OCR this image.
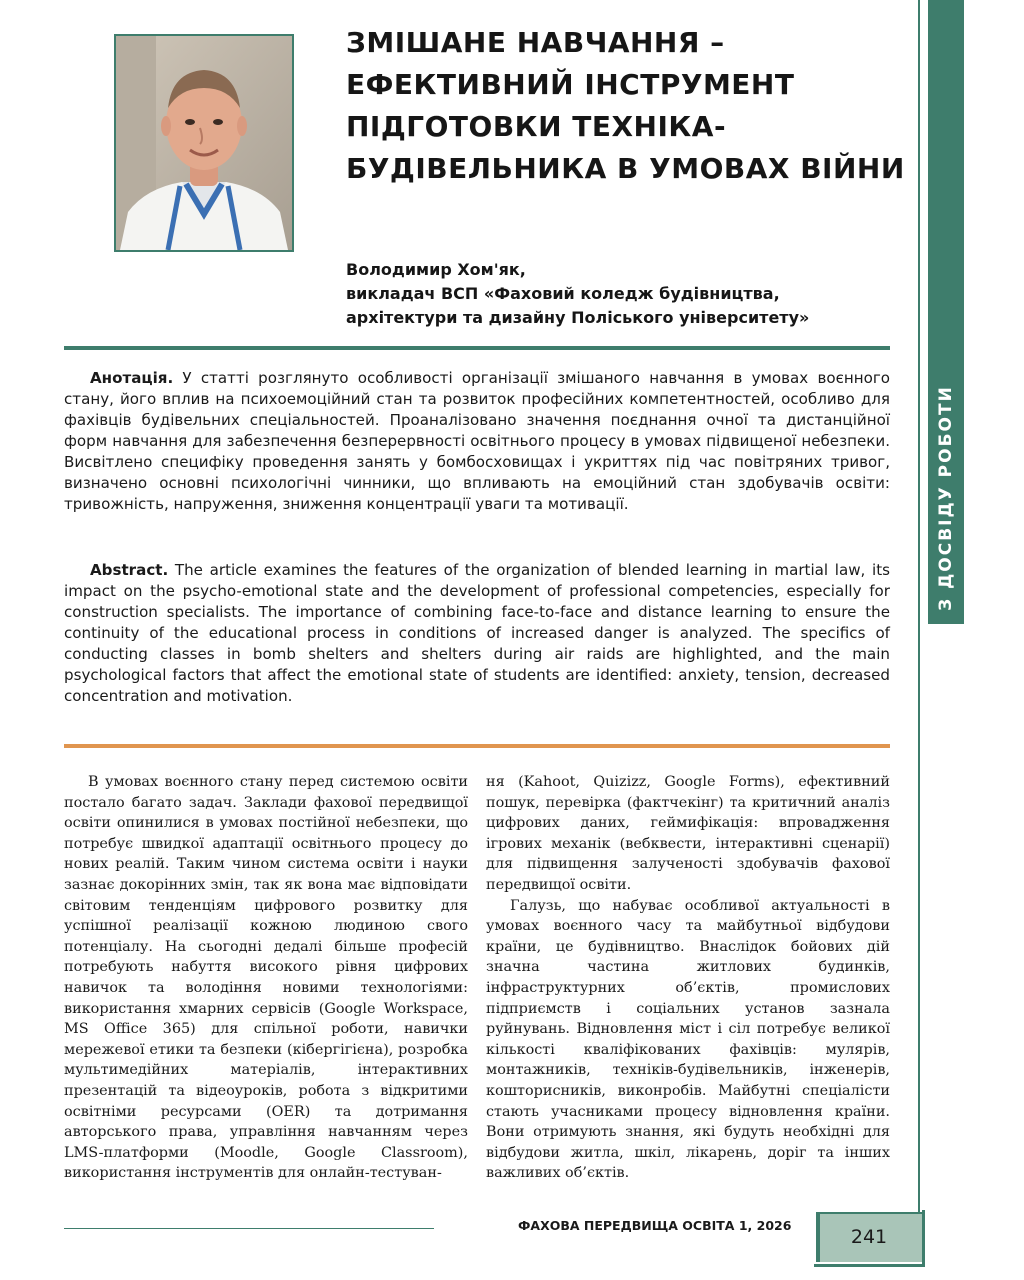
З ДОСВІДУ РОБОТИ
ЗМІШАНЕ НАВЧАННЯ – ЕФЕКТИВНИЙ ІНСТРУМЕНТ ПІДГОТОВКИ ТЕХНІКА-БУДІВЕЛЬНИКА В УМОВАХ ВІЙНИ
Володимир Хом'як,
викладач ВСП «Фаховий коледж будівництва,
архітектури та дизайну Поліського університету»

Анотація. У статті розглянуто особливості організації змішаного навчання в умовах воєнного стану, його вплив на психоемоційний стан та розвиток професійних компетентностей, особливо для фахівців будівельних спеціальностей. Проаналізовано значення поєднання очної та дистанційної форм навчання для забезпечення безперервності освітнього процесу в умовах підвищеної небезпеки. Висвітлено специфіку проведення занять у бомбосховищах і укриттях під час повітряних тривог, визначено основні психологічні чинники, що впливають на емоційний стан здобувачів освіти: тривожність, напруження, зниження концентрації уваги та мотивації.

Abstract. The article examines the features of the organization of blended learning in martial law, its impact on the psycho-emotional state and the development of professional competencies, especially for construction specialists. The importance of combining face-to-face and distance learning to ensure the continuity of the educational process in conditions of increased danger is analyzed. The specifics of conducting classes in bomb shelters and shelters during air raids are highlighted, and the main psychological factors that affect the emotional state of students are identified: anxiety, tension, decreased concentration and motivation.

В умовах воєнного стану перед системою освіти постало багато задач. Заклади фахової передвищої освіти опинилися в умовах постійної небезпеки, що потребує швидкої адаптації освітнього процесу до нових реалій. Таким чином система освіти і науки зазнає докорінних змін, так як вона має відповідати світовим тенденціям цифрового розвитку для успішної реалізації кожною людиною свого потенціалу. На сьогодні дедалі більше професій потребують набуття високого рівня цифрових навичок та володіння новими технологіями: використання хмарних сервісів (Google Workspace, MS Office 365) для спільної роботи, навички мережевої етики та безпеки (кібергігієна), розробка мультимедійних матеріалів, інтерактивних презентацій та відеоуроків, робота з відкритими освітніми ресурсами (OER) та дотримання авторського права, управління навчанням через LMS-платформи (Moodle, Google Classroom), використання інструментів для онлайн-тестуван-

ня (Kahoot, Quizizz, Google Forms), ефективний пошук, перевірка (фактчекінг) та критичний аналіз цифрових даних, геймифікація: впровадження ігрових механік (вебквести, інтерактивні сценарії) для підвищення залученості здобувачів фахової передвищої освіти.

Галузь, що набуває особливої актуальності в умовах воєнного часу та майбутньої відбудови країни, це будівництво. Внаслідок бойових дій значна частина житлових будинків, інфраструктурних об’єктів, промислових підприємств і соціальних установ зазнала руйнувань. Відновлення міст і сіл потребує великої кількості кваліфікованих фахівців: мулярів, монтажників, техніків-будівельників, інженерів, кошторисників, виконробів. Майбутні спеціалісти стають учасниками процесу відновлення країни. Вони отримують знання, які будуть необхідні для відбудови житла, шкіл, лікарень, доріг та інших важливих об’єктів.

ФАХОВА ПЕРЕДВИЩА ОСВІТА 1, 2026
241
